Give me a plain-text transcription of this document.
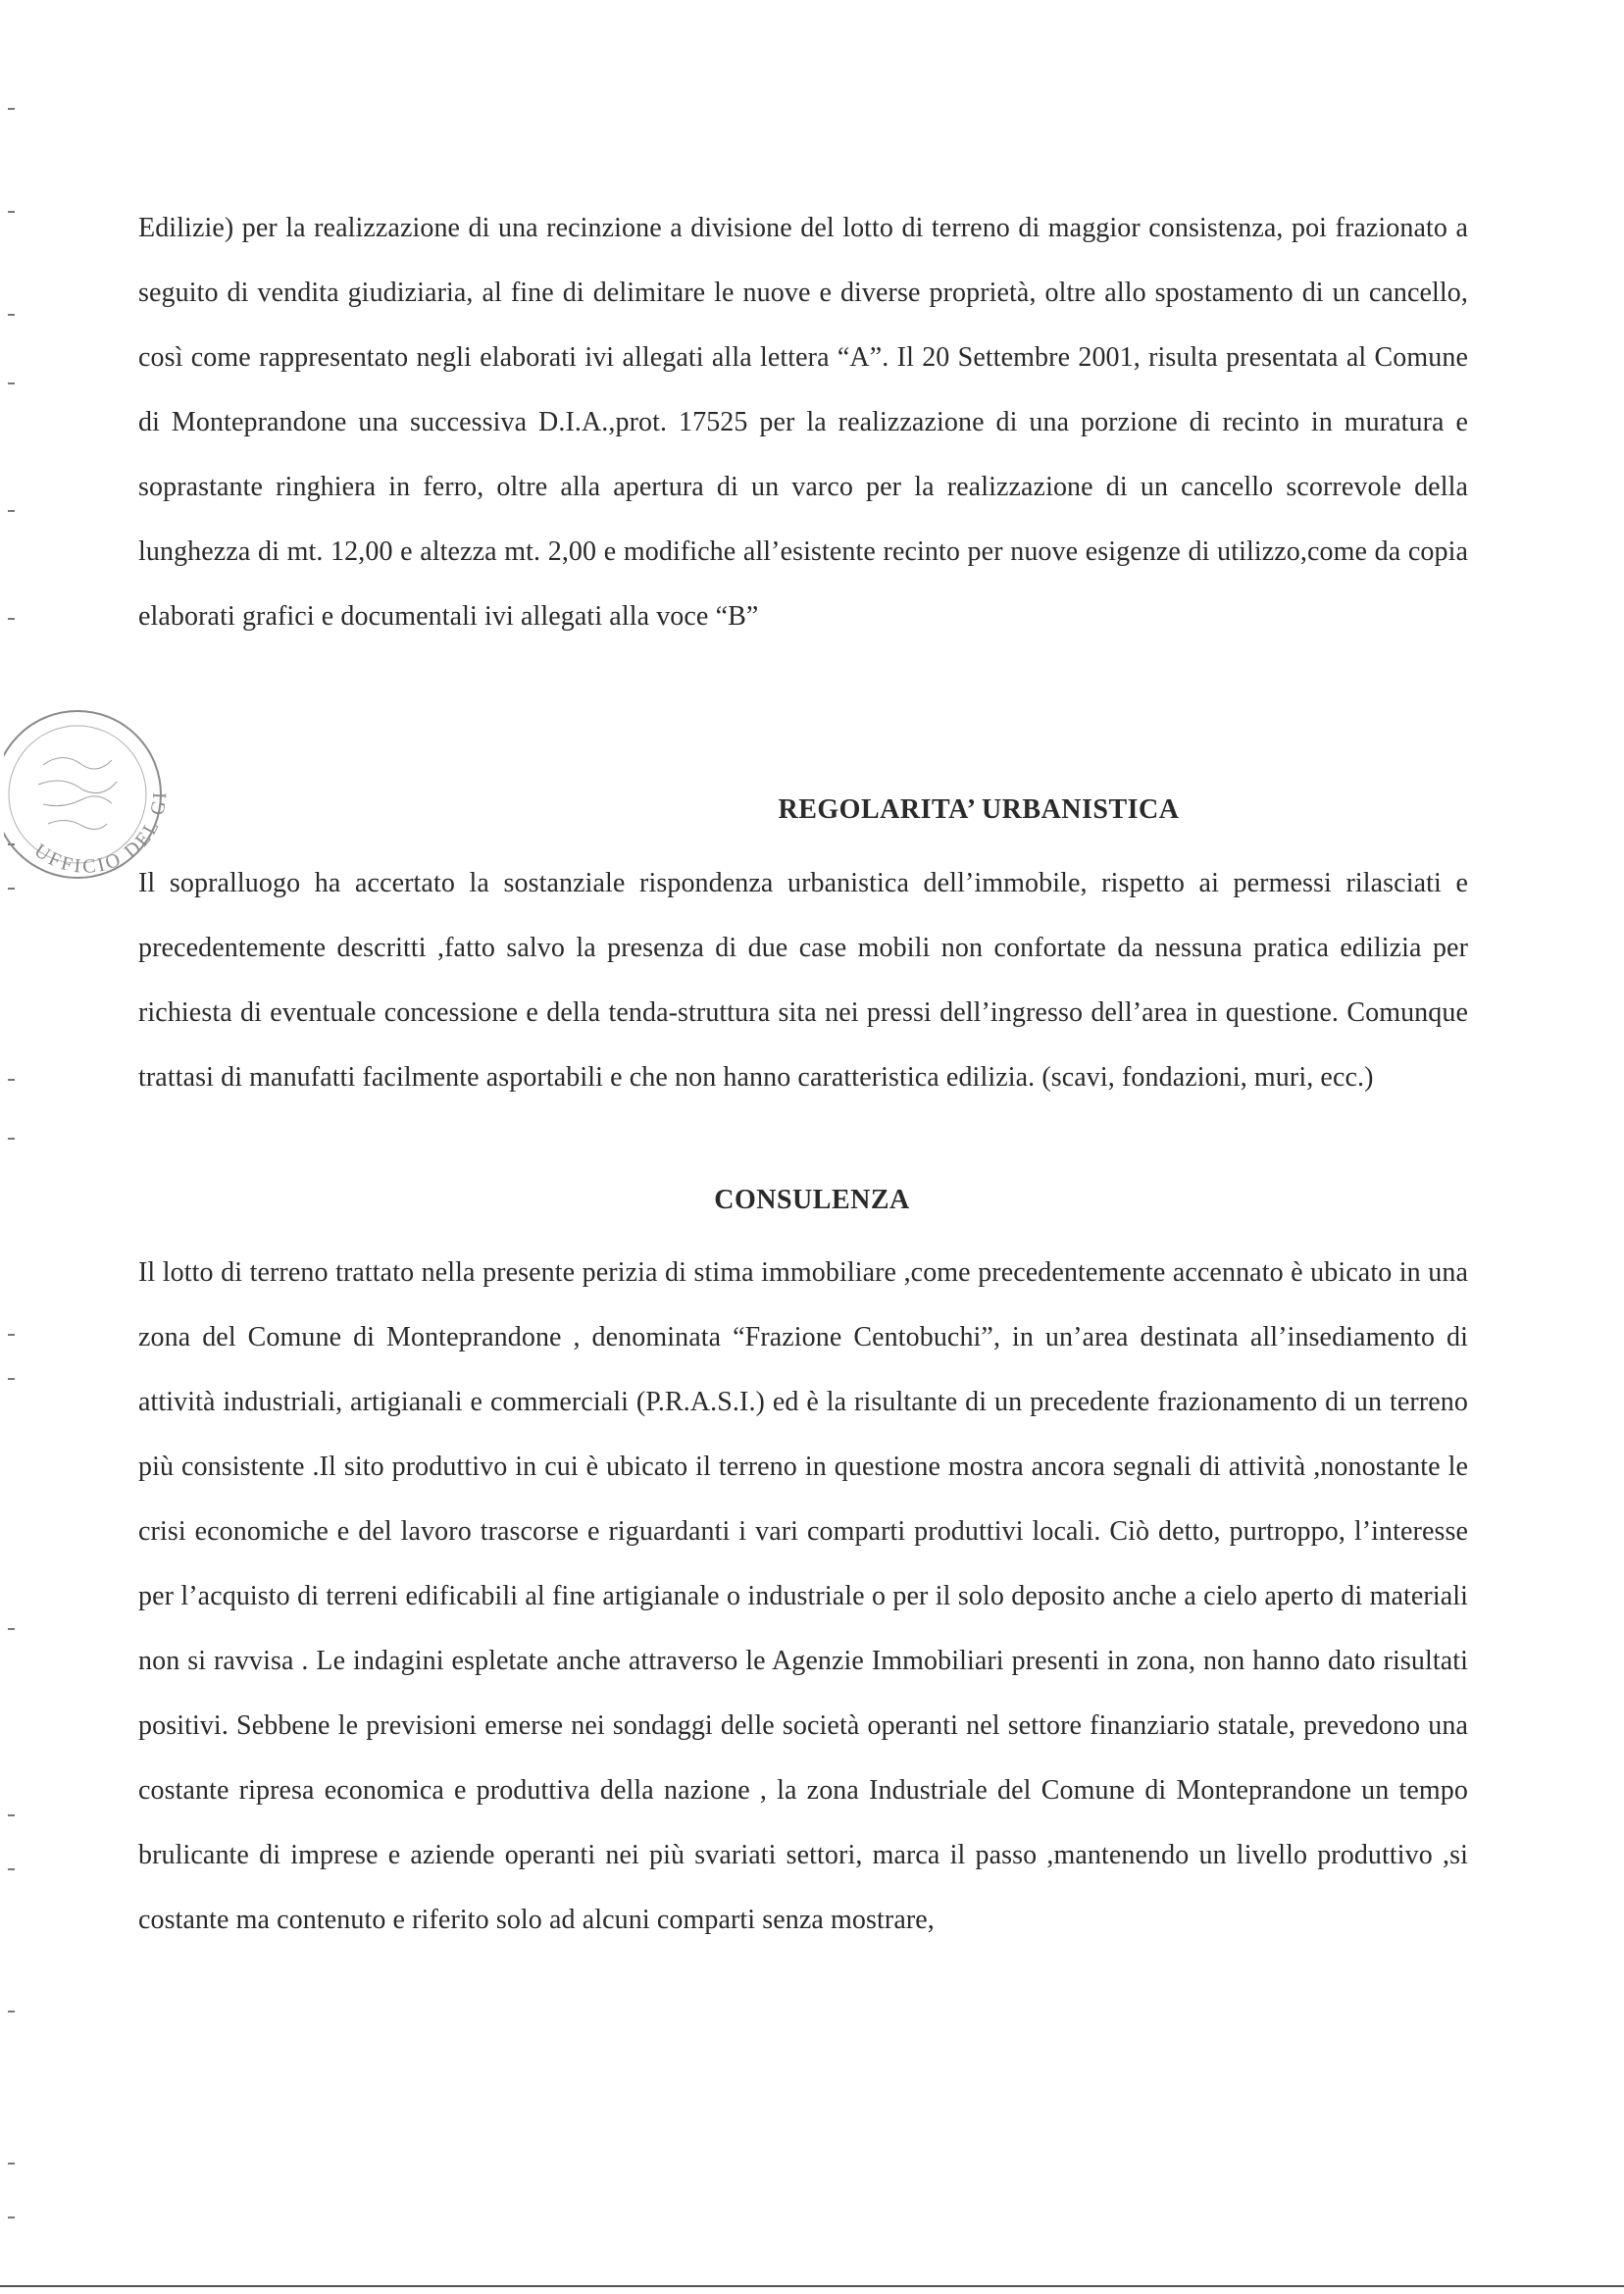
UFFICIO DEL GI

Edilizie) per la realizzazione di una recinzione a divisione del lotto di terreno di maggior consistenza, poi frazionato a seguito di vendita giudiziaria, al fine di delimitare le nuove e diverse proprietà, oltre allo spostamento di un cancello, così come rappresentato negli elaborati ivi allegati alla lettera “A”. Il 20 Settembre 2001, risulta presentata al Comune di Monteprandone una successiva D.I.A.,prot. 17525 per la realizzazione di una porzione di recinto in muratura e soprastante ringhiera in ferro, oltre alla apertura di un varco per la realizzazione di un cancello scorrevole della lunghezza di mt. 12,00 e altezza mt. 2,00 e modifiche all’esistente recinto per nuove esigenze di utilizzo,come da copia elaborati grafici e documentali ivi allegati alla voce “B”

REGOLARITA’ URBANISTICA

Il sopralluogo ha accertato la sostanziale rispondenza urbanistica dell’immobile, rispetto ai permessi rilasciati e precedentemente descritti ,fatto salvo la presenza di due case mobili non confortate da nessuna pratica edilizia per richiesta di eventuale concessione e della tenda-struttura sita nei pressi dell’ingresso dell’area in questione. Comunque trattasi di manufatti facilmente asportabili e che non hanno caratteristica edilizia. (scavi, fondazioni, muri, ecc.)

CONSULENZA

Il lotto di terreno trattato nella presente perizia di stima immobiliare ,come precedentemente accennato è ubicato in una zona del Comune di Monteprandone , denominata “Frazione Centobuchi”, in un’area destinata all’insediamento di attività industriali, artigianali e commerciali (P.R.A.S.I.) ed è la risultante di un precedente frazionamento di un terreno più consistente .Il sito produttivo in cui è ubicato il terreno in questione mostra ancora segnali di attività ,nonostante le crisi economiche e del lavoro trascorse e riguardanti i vari comparti produttivi locali. Ciò detto, purtroppo, l’interesse per l’acquisto di terreni edificabili al fine artigianale o industriale o per il solo deposito anche a cielo aperto di materiali non si ravvisa . Le indagini espletate anche attraverso le Agenzie Immobiliari presenti in zona, non hanno dato risultati positivi. Sebbene le previsioni emerse nei sondaggi delle società operanti nel settore finanziario statale, prevedono una costante ripresa economica e produttiva della nazione , la zona Industriale del Comune di Monteprandone un tempo brulicante di imprese e aziende operanti nei più svariati settori, marca il passo ,mantenendo un livello produttivo ,si costante ma contenuto e riferito solo ad alcuni comparti senza mostrare,
